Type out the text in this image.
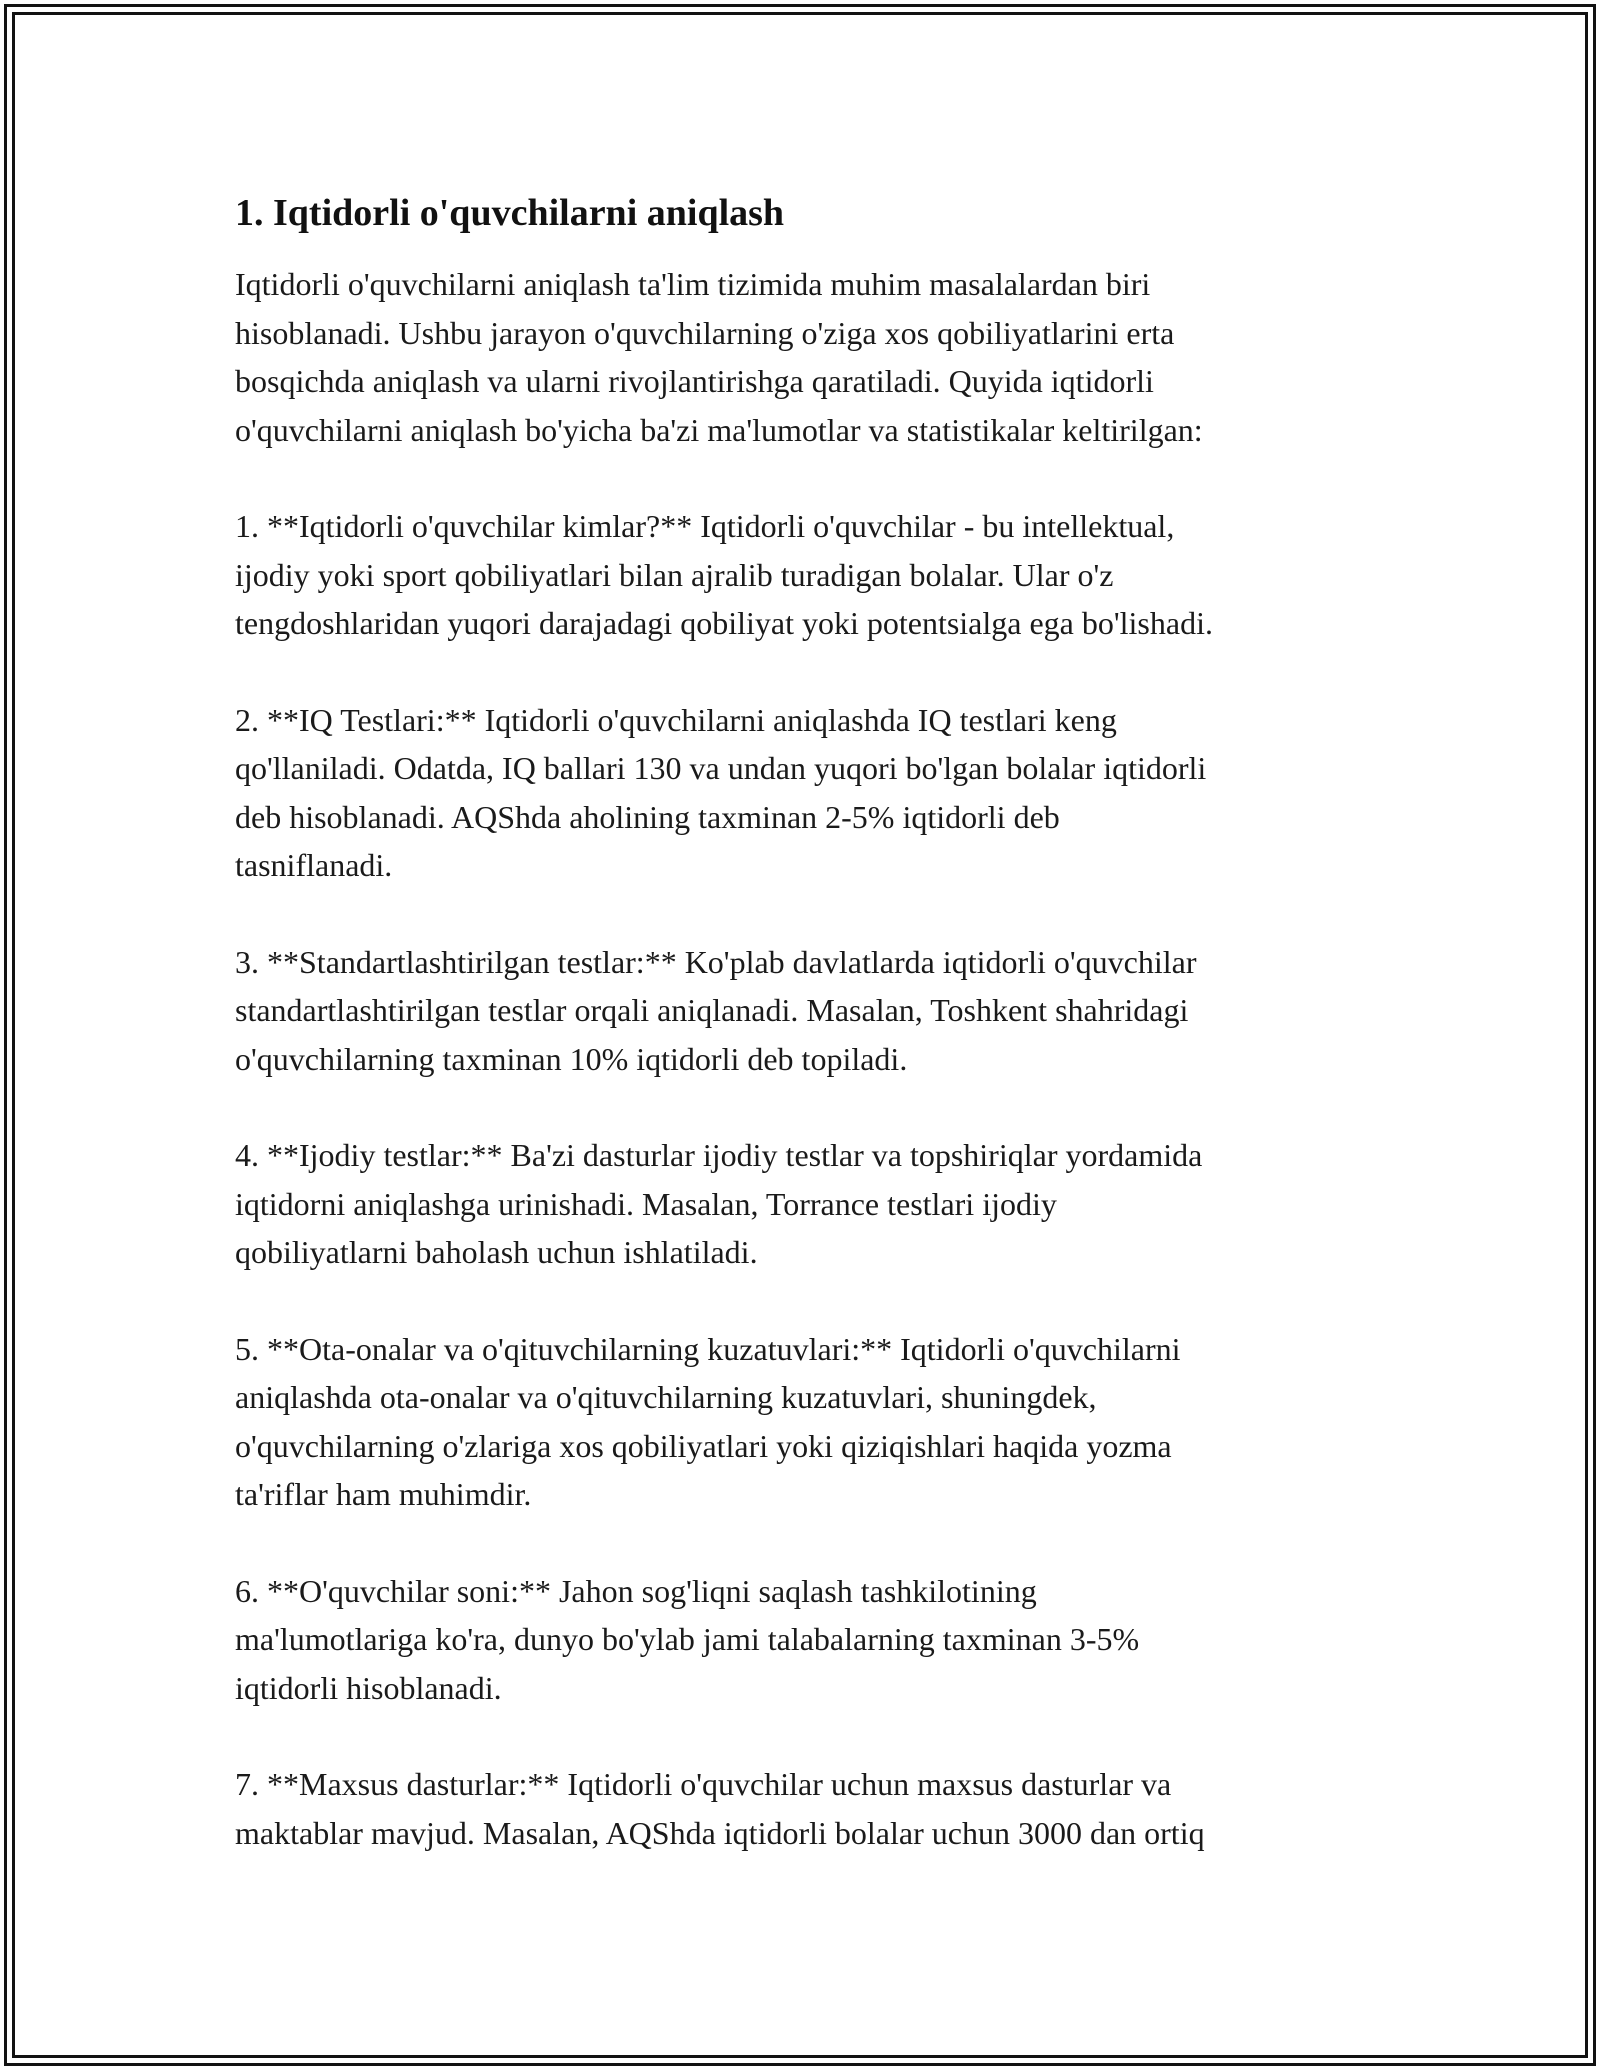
1. Iqtidorli o'quvchilarni aniqlash

Iqtidorli o'quvchilarni aniqlash ta'lim tizimida muhim masalalardan biri
hisoblanadi. Ushbu jarayon o'quvchilarning o'ziga xos qobiliyatlarini erta
bosqichda aniqlash va ularni rivojlantirishga qaratiladi. Quyida iqtidorli
o'quvchilarni aniqlash bo'yicha ba'zi ma'lumotlar va statistikalar keltirilgan:

1. **Iqtidorli o'quvchilar kimlar?** Iqtidorli o'quvchilar - bu intellektual,
ijodiy yoki sport qobiliyatlari bilan ajralib turadigan bolalar. Ular o'z
tengdoshlaridan yuqori darajadagi qobiliyat yoki potentsialga ega bo'lishadi.

2. **IQ Testlari:** Iqtidorli o'quvchilarni aniqlashda IQ testlari keng
qo'llaniladi. Odatda, IQ ballari 130 va undan yuqori bo'lgan bolalar iqtidorli
deb hisoblanadi. AQShda aholining taxminan 2-5% iqtidorli deb
tasniflanadi.

3. **Standartlashtirilgan testlar:** Ko'plab davlatlarda iqtidorli o'quvchilar
standartlashtirilgan testlar orqali aniqlanadi. Masalan, Toshkent shahridagi
o'quvchilarning taxminan 10% iqtidorli deb topiladi.

4. **Ijodiy testlar:** Ba'zi dasturlar ijodiy testlar va topshiriqlar yordamida
iqtidorni aniqlashga urinishadi. Masalan, Torrance testlari ijodiy
qobiliyatlarni baholash uchun ishlatiladi.

5. **Ota-onalar va o'qituvchilarning kuzatuvlari:** Iqtidorli o'quvchilarni
aniqlashda ota-onalar va o'qituvchilarning kuzatuvlari, shuningdek,
o'quvchilarning o'zlariga xos qobiliyatlari yoki qiziqishlari haqida yozma
ta'riflar ham muhimdir.

6. **O'quvchilar soni:** Jahon sog'liqni saqlash tashkilotining
ma'lumotlariga ko'ra, dunyo bo'ylab jami talabalarning taxminan 3-5%
iqtidorli hisoblanadi.

7. **Maxsus dasturlar:** Iqtidorli o'quvchilar uchun maxsus dasturlar va
maktablar mavjud. Masalan, AQShda iqtidorli bolalar uchun 3000 dan ortiq
